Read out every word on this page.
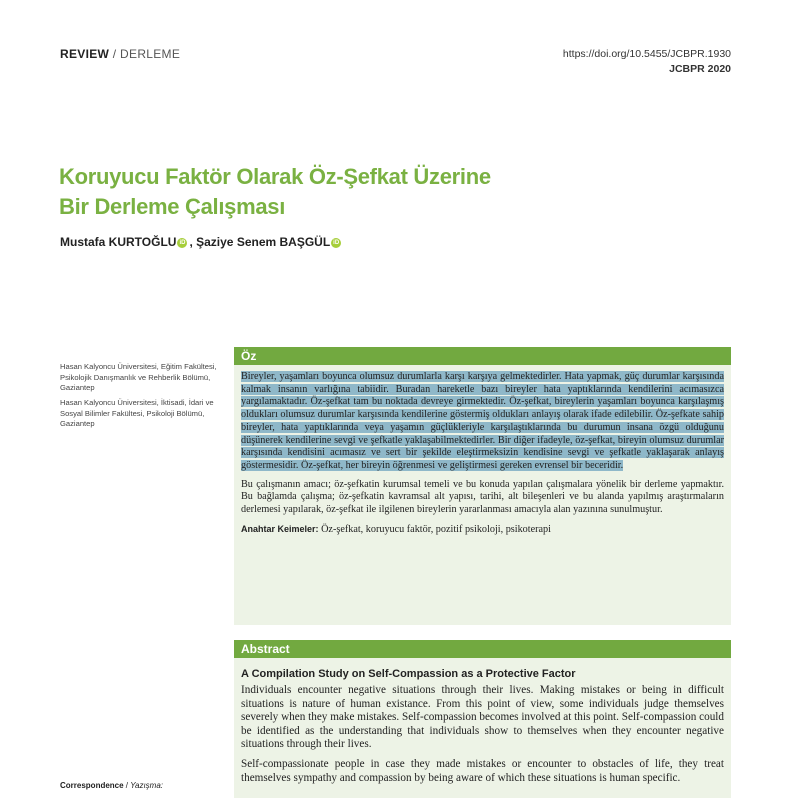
REVIEW / DERLEME	https://doi.org/10.5455/JCBPR.1930
JCBPR 2020
Koruyucu Faktör Olarak Öz-Şefkat Üzerine
Bir Derleme Çalışması
Mustafa KURTOĞLU iD , Şaziye Senem BAŞGÜL iD
Hasan Kalyoncu Üniversitesi, Eğitim Fakültesi, Psikolojik Danışmanlık ve Rehberlik Bölümü, Gaziantep
Hasan Kalyoncu Üniversitesi, İktisadi, İdari ve Sosyal Bilimler Fakültesi, Psikoloji Bölümü, Gaziantep
Öz

Bireyler, yaşamları boyunca olumsuz durumlarla karşı karşıya gelmektedirler. Hata yapmak, güç durumlar karşısında kalmak insanın varlığına tabiidir. Buradan hareketle bazı bireyler hata yaptıklarında kendilerini acımasızca yargılamaktadır. Öz-şefkat tam bu noktada devreye girmektedir. Öz-şefkat, bireylerin yaşamları boyunca karşılaşmış oldukları olumsuz durumlar karşısında kendilerine göstermiş oldukları anlayış olarak ifade edilebilir. Öz-şefkate sahip bireyler, hata yaptıklarında veya yaşamın güçlükleriyle karşılaştıklarında bu durumun insana özgü olduğunu düşünerek kendilerine sevgi ve şefkatle yaklaşabilmektedirler. Bir diğer ifadeyle, öz-şefkat, bireyin olumsuz durumlar karşısında kendisini acımasız ve sert bir şekilde eleştirmeksizin kendisine sevgi ve şefkatle yaklaşarak anlayış göstermesidir. Öz-şefkat, her bireyin öğrenmesi ve geliştirmesi gereken evrensel bir beceridir.

Bu çalışmanın amacı; öz-şefkatin kurumsal temeli ve bu konuda yapılan çalışmalara yönelik bir derleme yapmaktır. Bu bağlamda çalışma; öz-şefkatin kavramsal alt yapısı, tarihi, alt bileşenleri ve bu alanda yapılmış araştırmaların derlemesi yapılarak, öz-şefkat ile ilgilenen bireylerin yararlanması amacıyla alan yazınına sunulmuştur.

Anahtar Keimeler: Öz-şefkat, koruyucu faktör, pozitif psikoloji, psikoterapi

Abstract
A Compilation Study on Self-Compassion as a Protective Factor

Individuals encounter negative situations through their lives. Making mistakes or being in difficult situations is nature of human existance. From this point of view, some individuals judge themselves severely when they make mistakes. Self-compassion becomes involved at this point. Self-compassion could be identified as the understanding that individuals show to themselves when they encounter negative situations through their lives.

Self-compassionate people in case they made mistakes or encounter to obstacles of life, they treat themselves sympathy and compassion by being aware of which these situations is human specific.

Correspondence / Yazışma:
